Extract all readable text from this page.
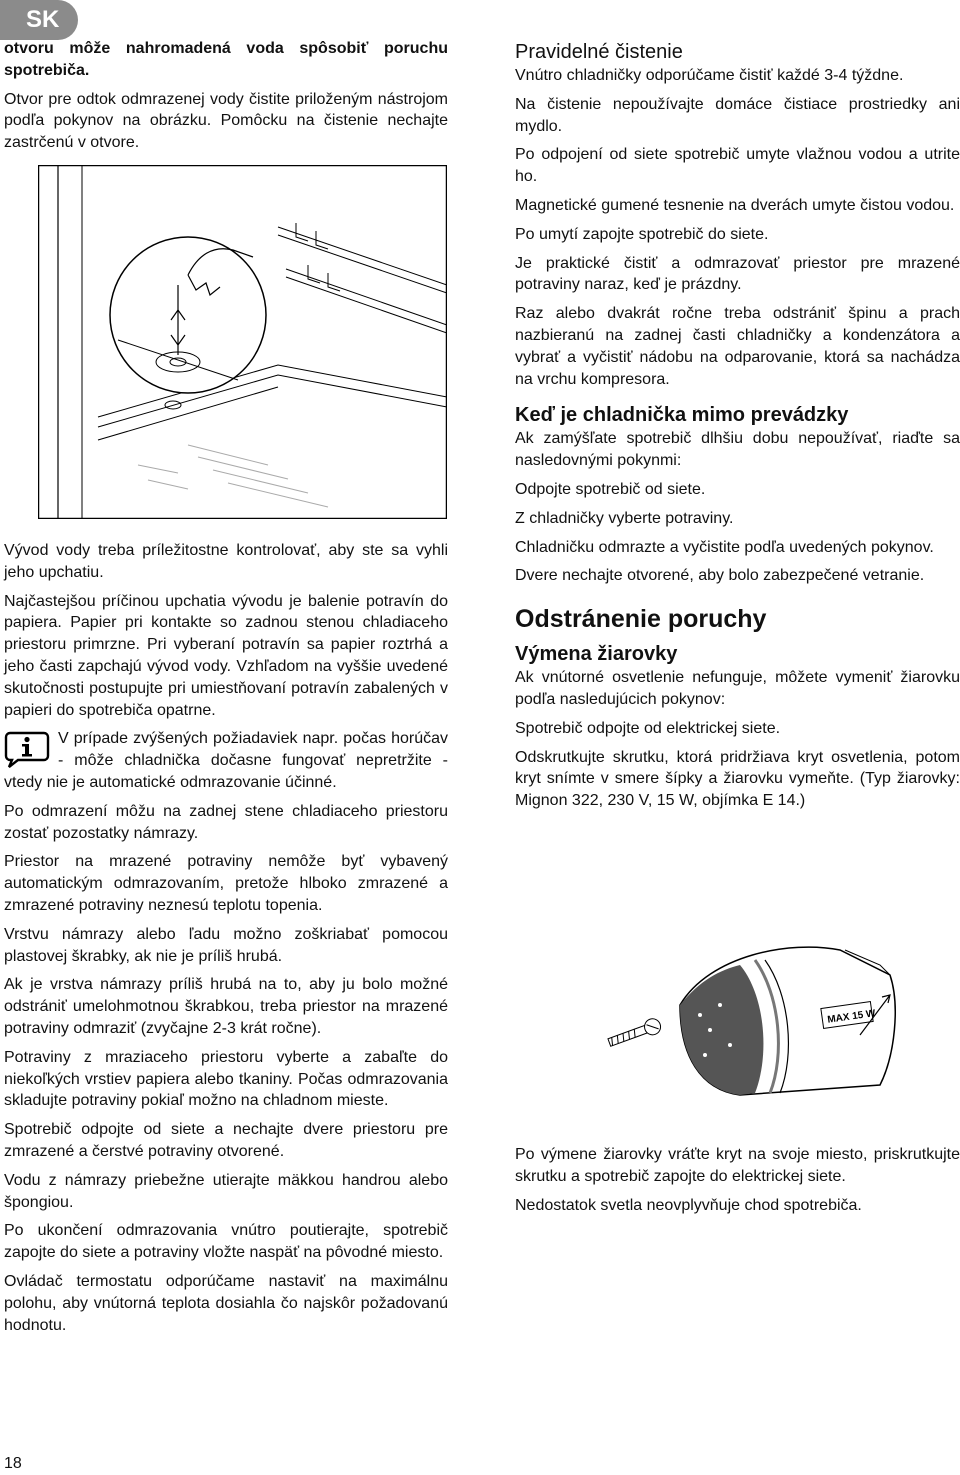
SK

otvoru môže nahromadená voda spôsobiť poruchu spotrebiča.

Otvor pre odtok odmrazenej vody čistite priloženým nástrojom podľa pokynov na obrázku. Pomôcku na čistenie nechajte zastrčenú v otvore.

Vývod vody treba príležitostne kontrolovať, aby ste sa vyhli jeho upchatiu.

Najčastejšou príčinou upchatia vývodu je balenie potravín do papiera. Papier pri kontakte so zadnou stenou chladiaceho priestoru primrzne. Pri vyberaní potravín sa papier roztrhá a jeho časti zapchajú vývod vody. Vzhľadom na vyššie uvedené skutočnosti postupujte pri umiestňovaní potravín zabalených v papieri do spotrebiča opatrne.

V prípade zvýšených požiadaviek napr. počas horúčav - môže chladnička dočasne fungovať nepretržite - vtedy nie je automatické odmrazovanie účinné.

Po odmrazení môžu na zadnej stene chladiaceho priestoru zostať pozostatky námrazy.

Priestor na mrazené potraviny nemôže byť vybavený automatickým odmrazovaním, pretože hlboko zmrazené a zmrazené potraviny neznesú teplotu topenia.

Vrstvu námrazy alebo ľadu možno zoškriabať pomocou plastovej škrabky, ak nie je príliš hrubá.

Ak je vrstva námrazy príliš hrubá na to, aby ju bolo možné odstrániť umelohmotnou škrabkou, treba priestor na mrazené potraviny odmraziť (zvyčajne 2-3 krát ročne).

Potraviny z mraziaceho priestoru vyberte a zabaľte do niekoľkých vrstiev papiera alebo tkaniny. Počas odmrazovania skladujte potraviny pokiaľ možno na chladnom mieste.

Spotrebič odpojte od siete a nechajte dvere priestoru pre zmrazené a čerstvé potraviny otvorené.

Vodu z námrazy priebežne utierajte mäkkou handrou alebo špongiou.

Po ukončení odmrazovania vnútro poutierajte, spotrebič zapojte do siete a potraviny vložte naspäť na pôvodné miesto.

Ovládač termostatu odporúčame nastaviť na maximálnu polohu, aby vnútorná teplota dosiahla čo najskôr požadovanú hodnotu.

Pravidelné čistenie

Vnútro chladničky odporúčame čistiť každé 3-4 týždne.

Na čistenie nepoužívajte domáce čistiace prostriedky ani mydlo.

Po odpojení od siete spotrebič umyte vlažnou vodou a utrite ho.

Magnetické gumené tesnenie na dverách umyte čistou vodou.

Po umytí zapojte spotrebič do siete.

Je praktické čistiť a odmrazovať priestor pre mrazené potraviny naraz, keď je prázdny.

Raz alebo dvakrát ročne treba odstrániť špinu a prach nazbieranú na zadnej časti chladničky a kondenzátora a vybrať a vyčistiť nádobu na odparovanie, ktorá sa nachádza na vrchu kompresora.

Keď je chladnička mimo prevádzky

Ak zamýšľate spotrebič dlhšiu dobu nepoužívať, riaďte sa nasledovnými pokynmi:

Odpojte spotrebič od siete.

Z chladničky vyberte potraviny.

Chladničku odmrazte a vyčistite podľa uvedených pokynov.

Dvere nechajte otvorené, aby bolo zabezpečené vetranie.

Odstránenie poruchy
Výmena žiarovky

Ak vnútorné osvetlenie nefunguje, môžete vymeniť žiarovku podľa nasledujúcich pokynov:

Spotrebič odpojte od elektrickej siete.

Odskrutkujte skrutku, ktorá pridržiava kryt osvetlenia, potom kryt snímte v smere šípky a žiarovku vymeňte. (Typ žiarovky: Mignon 322, 230 V, 15 W, objímka E 14.)

MAX 15 W

Po výmene žiarovky vráťte kryt na svoje miesto, priskrutkujte skrutku a spotrebič zapojte do elektrickej siete.

Nedostatok svetla neovplyvňuje chod spotrebiča.

18
